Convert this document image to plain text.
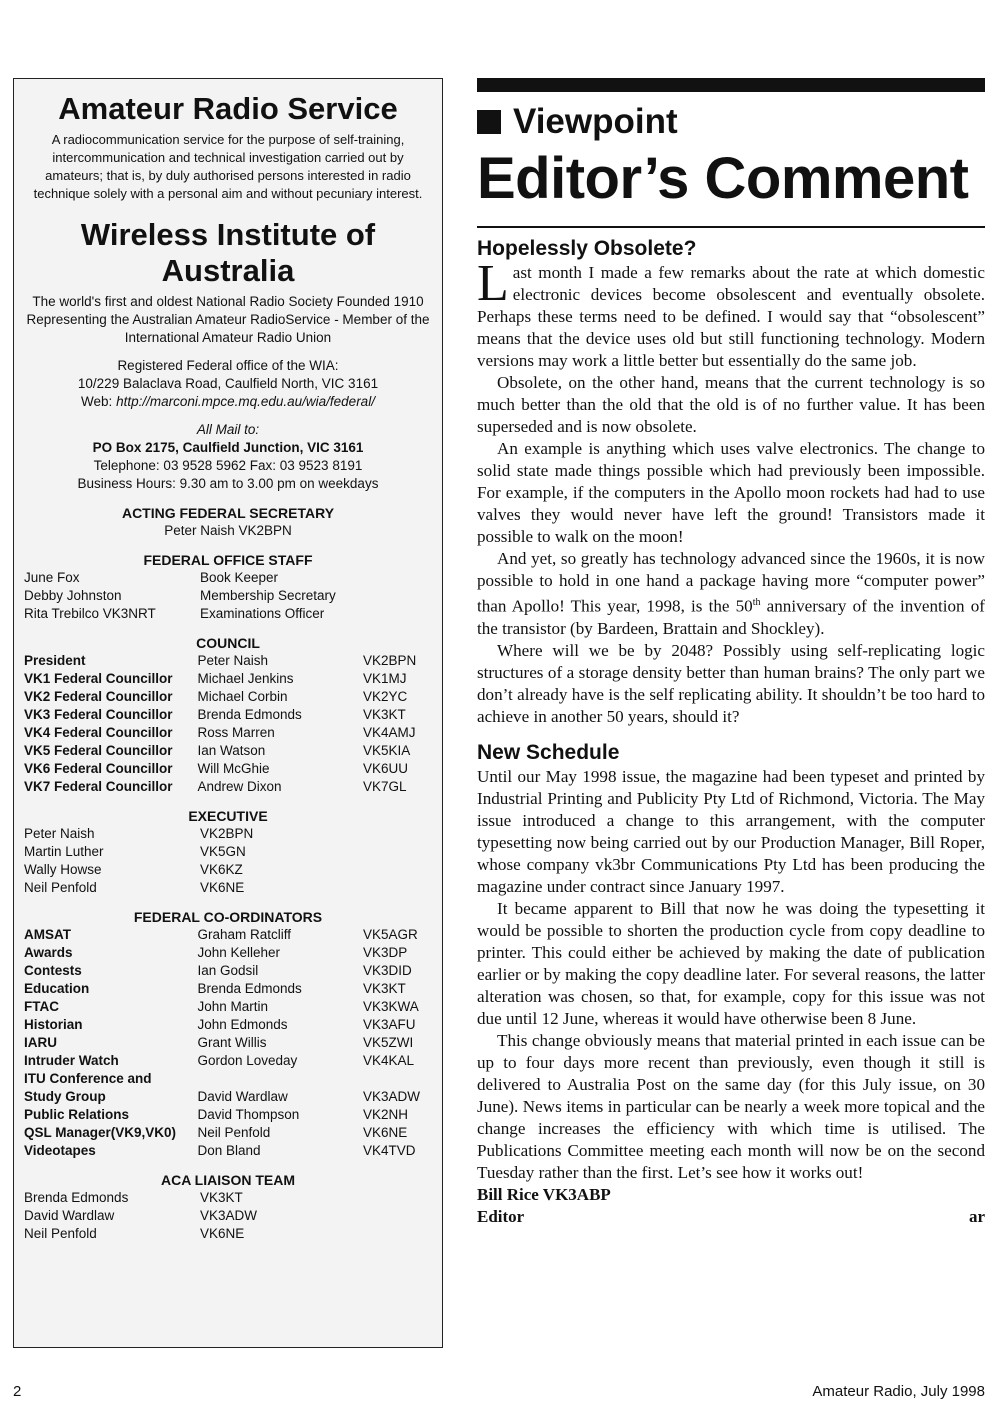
Amateur Radio Service
A radiocommunication service for the purpose of self-training, intercommunication and technical investigation carried out by amateurs; that is, by duly authorised persons interested in radio technique solely with a personal aim and without pecuniary interest.
Wireless Institute of Australia

The world's first and oldest National Radio Society Founded 1910

Representing the Australian Amateur RadioService - Member of the International Amateur Radio Union

Registered Federal office of the WIA:

10/229 Balaclava Road, Caulfield North, VIC 3161

Web: http://marconi.mpce.mq.edu.au/wia/federal/

All Mail to:

PO Box 2175, Caulfield Junction, VIC 3161

Telephone: 03 9528 5962 Fax: 03 9523 8191

Business Hours: 9.30 am to 3.00 pm on weekdays

ACTING FEDERAL SECRETARY

Peter Naish VK2BPN

FEDERAL OFFICE STAFF
June Fox	Book Keeper
Debby Johnston	Membership Secretary
Rita Trebilco VK3NRT	Examinations Officer
COUNCIL
President	Peter Naish	VK2BPN
VK1 Federal Councillor	Michael Jenkins	VK1MJ
VK2 Federal Councillor	Michael Corbin	VK2YC
VK3 Federal Councillor	Brenda Edmonds	VK3KT
VK4 Federal Councillor	Ross Marren	VK4AMJ
VK5 Federal Councillor	Ian Watson	VK5KIA
VK6 Federal Councillor	Will McGhie	VK6UU
VK7 Federal Councillor	Andrew Dixon	VK7GL
EXECUTIVE
Peter Naish	VK2BPN
Martin Luther	VK5GN
Wally Howse	VK6KZ
Neil Penfold	VK6NE
FEDERAL CO-ORDINATORS
AMSAT	Graham Ratcliff	VK5AGR
Awards	John Kelleher	VK3DP
Contests	Ian Godsil	VK3DID
Education	Brenda Edmonds	VK3KT
FTAC	John Martin	VK3KWA
Historian	John Edmonds	VK3AFU
IARU	Grant Willis	VK5ZWI
Intruder Watch	Gordon Loveday	VK4KAL
ITU Conference and
Study Group	David Wardlaw	VK3ADW
Public Relations	David Thompson	VK2NH
QSL Manager(VK9,VK0)	Neil Penfold	VK6NE
Videotapes	Don Bland	VK4TVD
ACA LIAISON TEAM
Brenda Edmonds	VK3KT
David Wardlaw	VK3ADW
Neil Penfold	VK6NE
Viewpoint
Editor’s Comment
Hopelessly Obsolete?

Last month I made a few remarks about the rate at which domestic electronic devices become obsolescent and eventually obsolete. Perhaps these terms need to be defined. I would say that “obsolescent” means that the device uses old but still functioning technology. Modern versions may work a little better but essentially do the same job.

Obsolete, on the other hand, means that the current technology is so much better than the old that the old is of no further value. It has been superseded and is now obsolete.

An example is anything which uses valve electronics. The change to solid state made things possible which had previously been impossible. For example, if the computers in the Apollo moon rockets had had to use valves they would never have left the ground! Transistors made it possible to walk on the moon!

And yet, so greatly has technology advanced since the 1960s, it is now possible to hold in one hand a package having more “computer power” than Apollo! This year, 1998, is the 50th anniversary of the invention of the transistor (by Bardeen, Brattain and Shockley).

Where will we be by 2048? Possibly using self-replicating logic structures of a storage density better than human brains? The only part we don’t already have is the self replicating ability. It shouldn’t be too hard to achieve in another 50 years, should it?

New Schedule

Until our May 1998 issue, the magazine had been typeset and printed by Industrial Printing and Publicity Pty Ltd of Richmond, Victoria. The May issue introduced a change to this arrangement, with the computer typesetting now being carried out by our Production Manager, Bill Roper, whose company vk3br Communications Pty Ltd has been producing the magazine under contract since January 1997.

It became apparent to Bill that now he was doing the typesetting it would be possible to shorten the production cycle from copy deadline to printer. This could either be achieved by making the date of publication earlier or by making the copy deadline later. For several reasons, the latter alteration was chosen, so that, for example, copy for this issue was not due until 12 June, whereas it would have otherwise been 8 June.

This change obviously means that material printed in each issue can be up to four days more recent than previously, even though it still is delivered to Australia Post on the same day (for this July issue, on 30 June). News items in particular can be nearly a week more topical and the change increases the efficiency with which time is utilised. The Publications Committee meeting each month will now be on the second Tuesday rather than the first. Let’s see how it works out!

Bill Rice VK3ABP
Editor	ar
2	Amateur Radio, July 1998
